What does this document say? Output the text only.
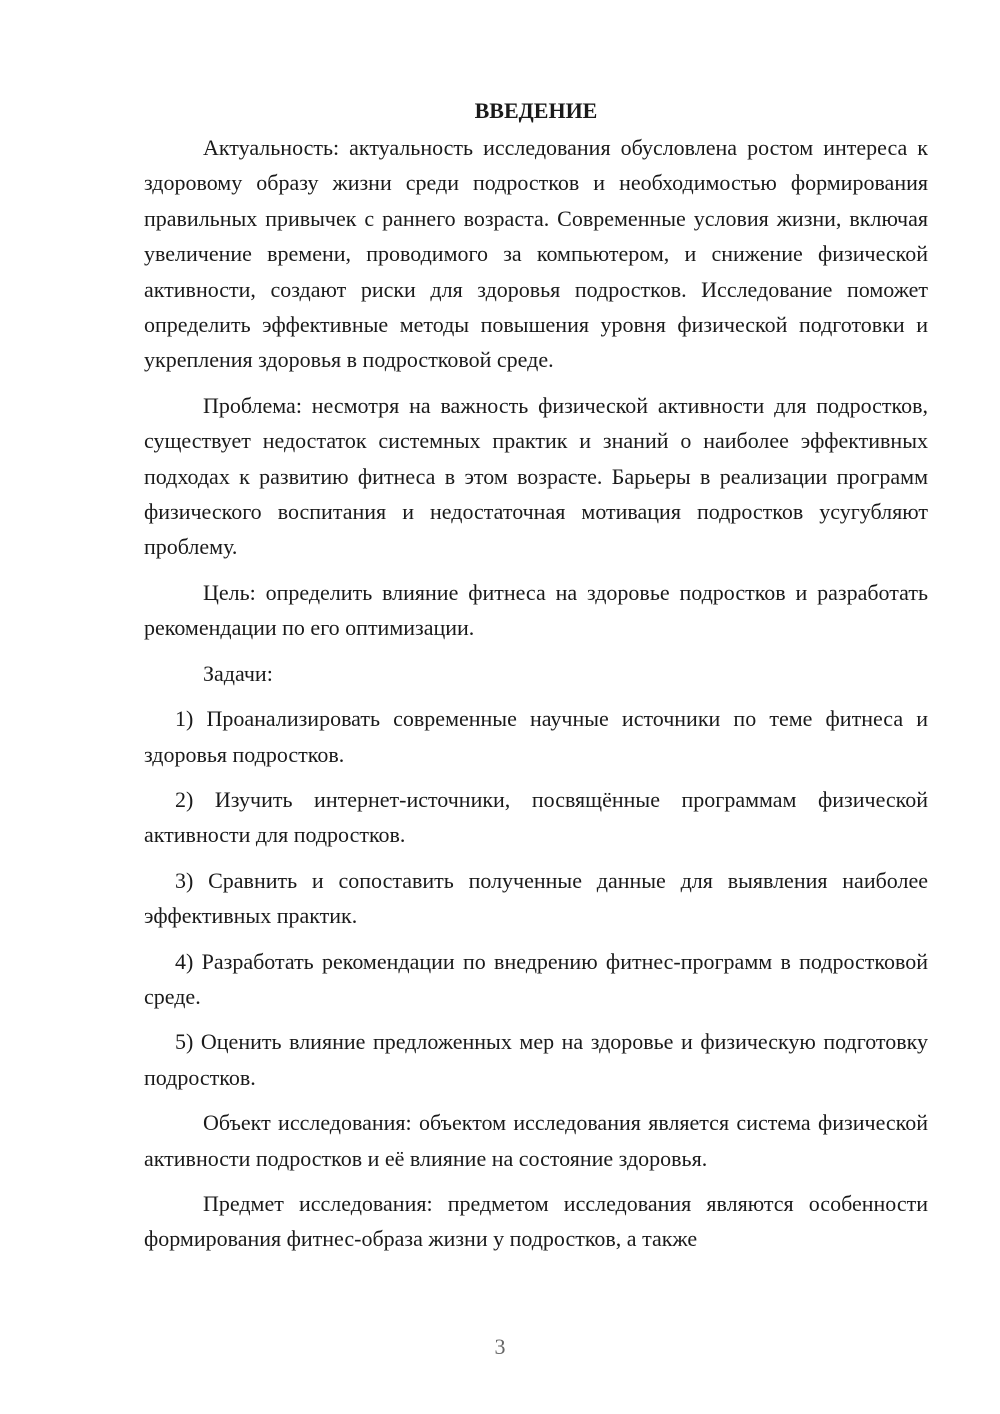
ВВЕДЕНИЕ

Актуальность: актуальность исследования обусловлена ростом интереса к здоровому образу жизни среди подростков и необходимостью формирования правильных привычек с раннего возраста. Современные условия жизни, включая увеличение времени, проводимого за компьютером, и снижение физической активности, создают риски для здоровья подростков. Исследование поможет определить эффективные методы повышения уровня физической подготовки и укрепления здоровья в подростковой среде.

Проблема: несмотря на важность физической активности для подростков, существует недостаток системных практик и знаний о наиболее эффективных подходах к развитию фитнеса в этом возрасте. Барьеры в реализации программ физического воспитания и недостаточная мотивация подростков усугубляют проблему.

Цель: определить влияние фитнеса на здоровье подростков и разработать рекомендации по его оптимизации.

Задачи:

1) Проанализировать современные научные источники по теме фитнеса и здоровья подростков.

2) Изучить интернет-источники, посвящённые программам физической активности для подростков.

3) Сравнить и сопоставить полученные данные для выявления наиболее эффективных практик.

4) Разработать рекомендации по внедрению фитнес-программ в подростковой среде.

5) Оценить влияние предложенных мер на здоровье и физическую подготовку подростков.

Объект исследования: объектом исследования является система физической активности подростков и её влияние на состояние здоровья.

Предмет исследования: предметом исследования являются особенности формирования фитнес-образа жизни у подростков, а также

3
